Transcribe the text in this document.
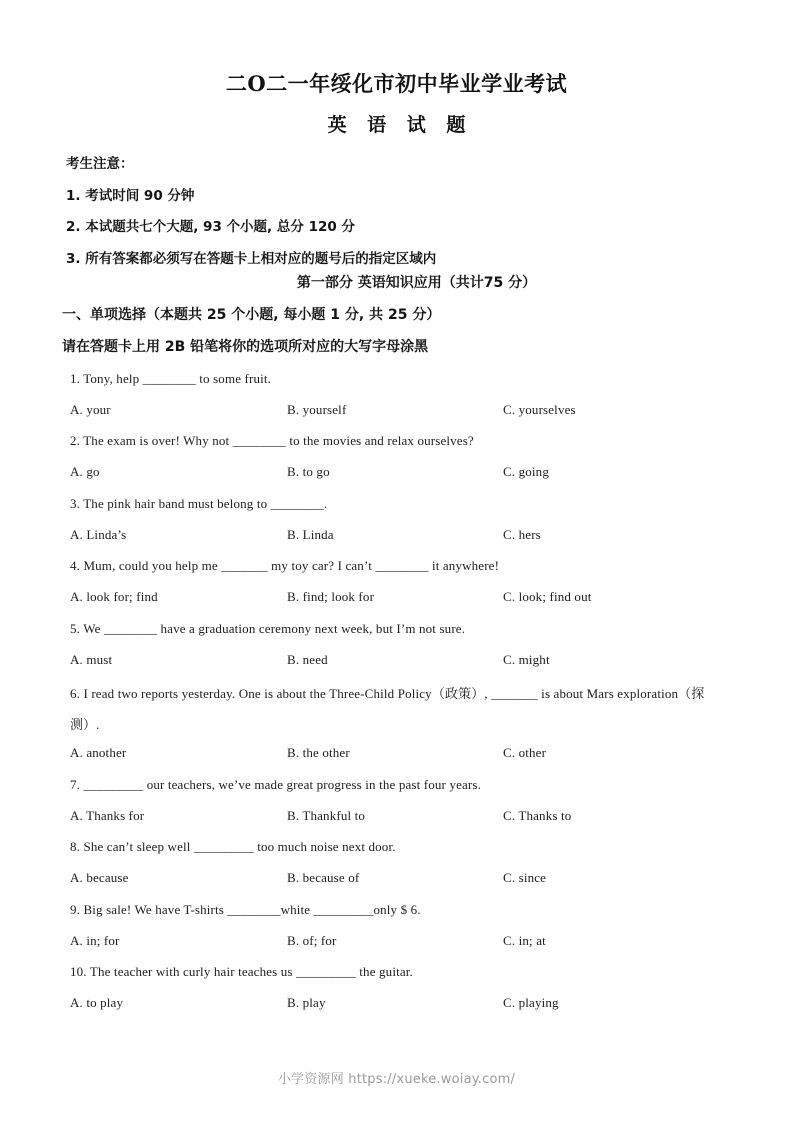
二O二一年绥化市初中毕业学业考试
英 语 试 题
考生注意：
1. 考试时间 90 分钟
2. 本试题共七个大题, 93 个小题, 总分 120 分
3. 所有答案都必须写在答题卡上相对应的题号后的指定区域内
第一部分 英语知识应用（共计75 分）
一、单项选择（本题共 25 个小题, 每小题 1 分, 共 25 分）
请在答题卡上用 2B 铅笔将你的选项所对应的大写字母涂黑
1. Tony, help ________ to some fruit.
A. your	B. yourself	C. yourselves
2. The exam is over! Why not ________ to the movies and relax ourselves?
A. go	B. to go	C. going
3. The pink hair band must belong to ________.
A. Linda’s	B. Linda	C. hers
4. Mum, could you help me _______ my toy car? I can’t ________ it anywhere!
A. look for; find	B. find; look for	C. look; find out
5. We ________ have a graduation ceremony next week, but I’m not sure.
A. must	B. need	C. might
6. I read two reports yesterday. One is about the Three-Child Policy（政策）, _______ is about Mars exploration（探
测）.
A. another	B. the other	C. other
7. _________ our teachers, we’ve made great progress in the past four years.
A. Thanks for	B. Thankful to	C. Thanks to
8. She can’t sleep well _________ too much noise next door.
A. because	B. because of	C. since
9. Big sale! We have T-shirts ________white _________only $ 6.
A. in; for	B. of; for	C. in; at
10. The teacher with curly hair teaches us _________ the guitar.
A. to play	B. play	C. playing
小学资源网 https://xueke.woiay.com/
